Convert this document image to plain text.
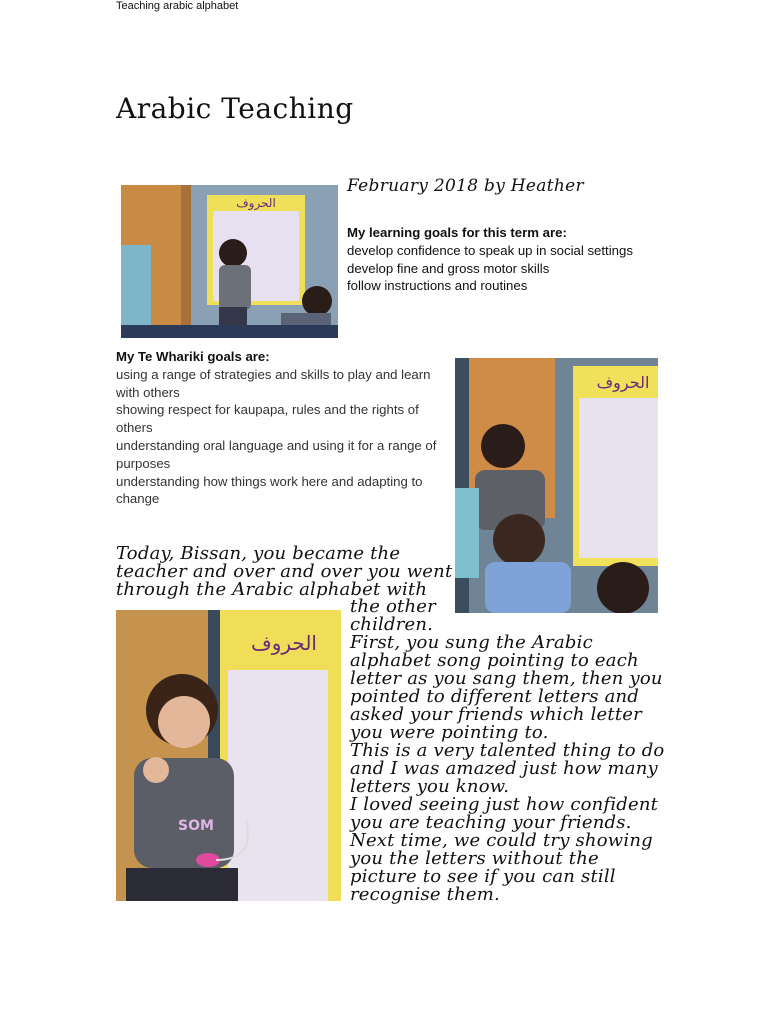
Teaching arabic alphabet
Arabic Teaching
الحروف
February 2018 by Heather
My learning goals for this term are:
develop confidence to speak up in social settings
develop fine and gross motor skills
follow instructions and routines
My Te Whariki goals are:
using a range of strategies and skills to play and learn with others
showing respect for kaupapa, rules and the rights of others
understanding oral language and using it for a range of purposes
understanding how things work here and adapting to change
الحروف
Today, Bissan, you became the
teacher and over and over you went
through the Arabic alphabet with
الحروف
SOM
the other
children.
First, you sung the Arabic
alphabet song pointing to each
letter as you sang them, then you
pointed to different letters and
asked your friends which letter
you were pointing to.
This is a very talented thing to do
and I was amazed just how many
letters you know.
I loved seeing just how confident
you are teaching your friends.
Next time, we could try showing
you the letters without the
picture to see if you can still
recognise them.
